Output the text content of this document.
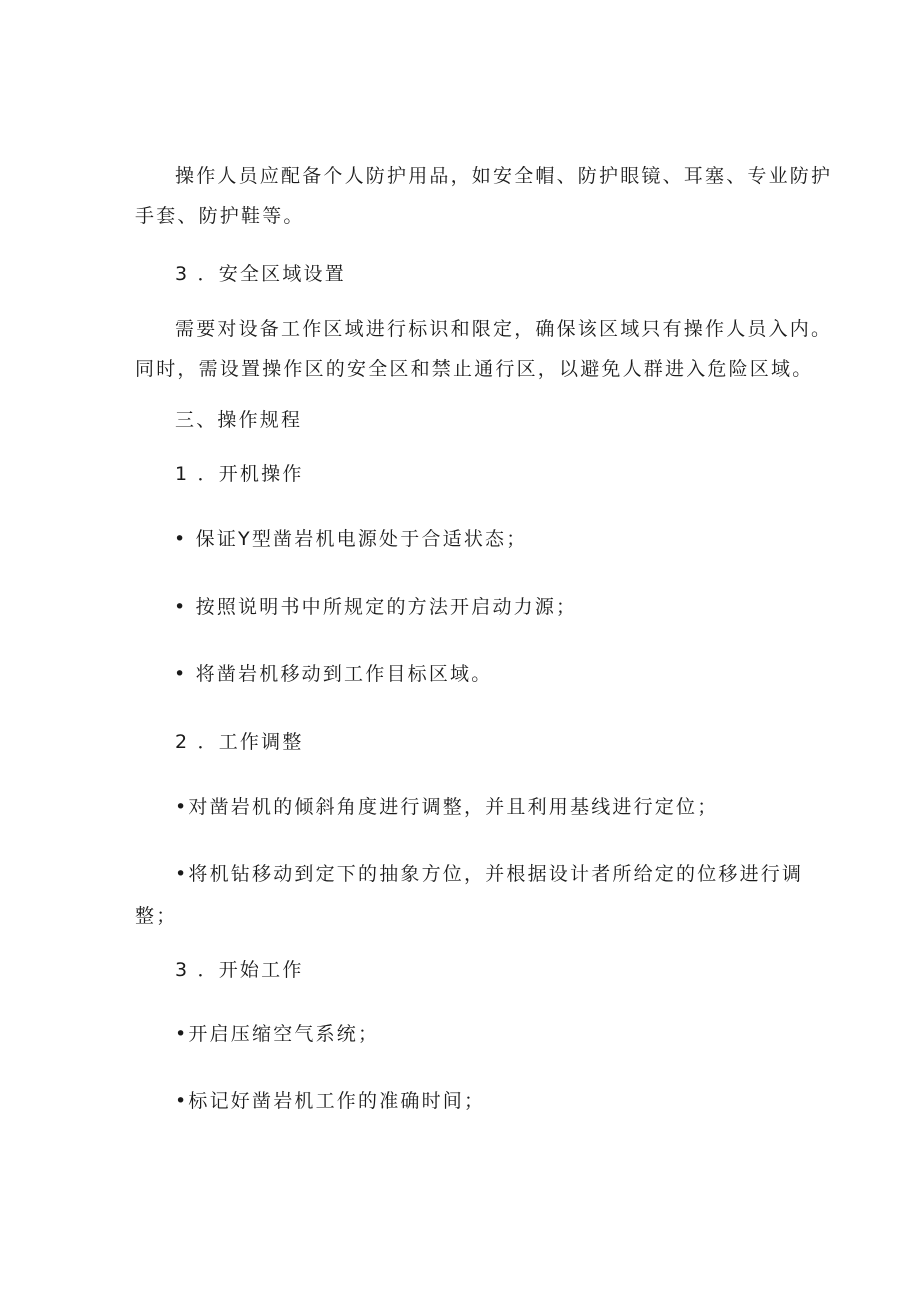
操作人员应配备个人防护用品，如安全帽、防护眼镜、耳塞、专业防护
手套、防护鞋等。
3 ．安全区域设置
需要对设备工作区域进行标识和限定，确保该区域只有操作人员入内。
同时，需设置操作区的安全区和禁止通行区，以避免人群进入危险区域。
三、操作规程
1 ．开机操作
• 保证Y型凿岩机电源处于合适状态；
• 按照说明书中所规定的方法开启动力源；
• 将凿岩机移动到工作目标区域。
2 ．工作调整
•对凿岩机的倾斜角度进行调整，并且利用基线进行定位；
•将机钻移动到定下的抽象方位，并根据设计者所给定的位移进行调
整；
3 ．开始工作
•开启压缩空气系统；
•标记好凿岩机工作的准确时间；
